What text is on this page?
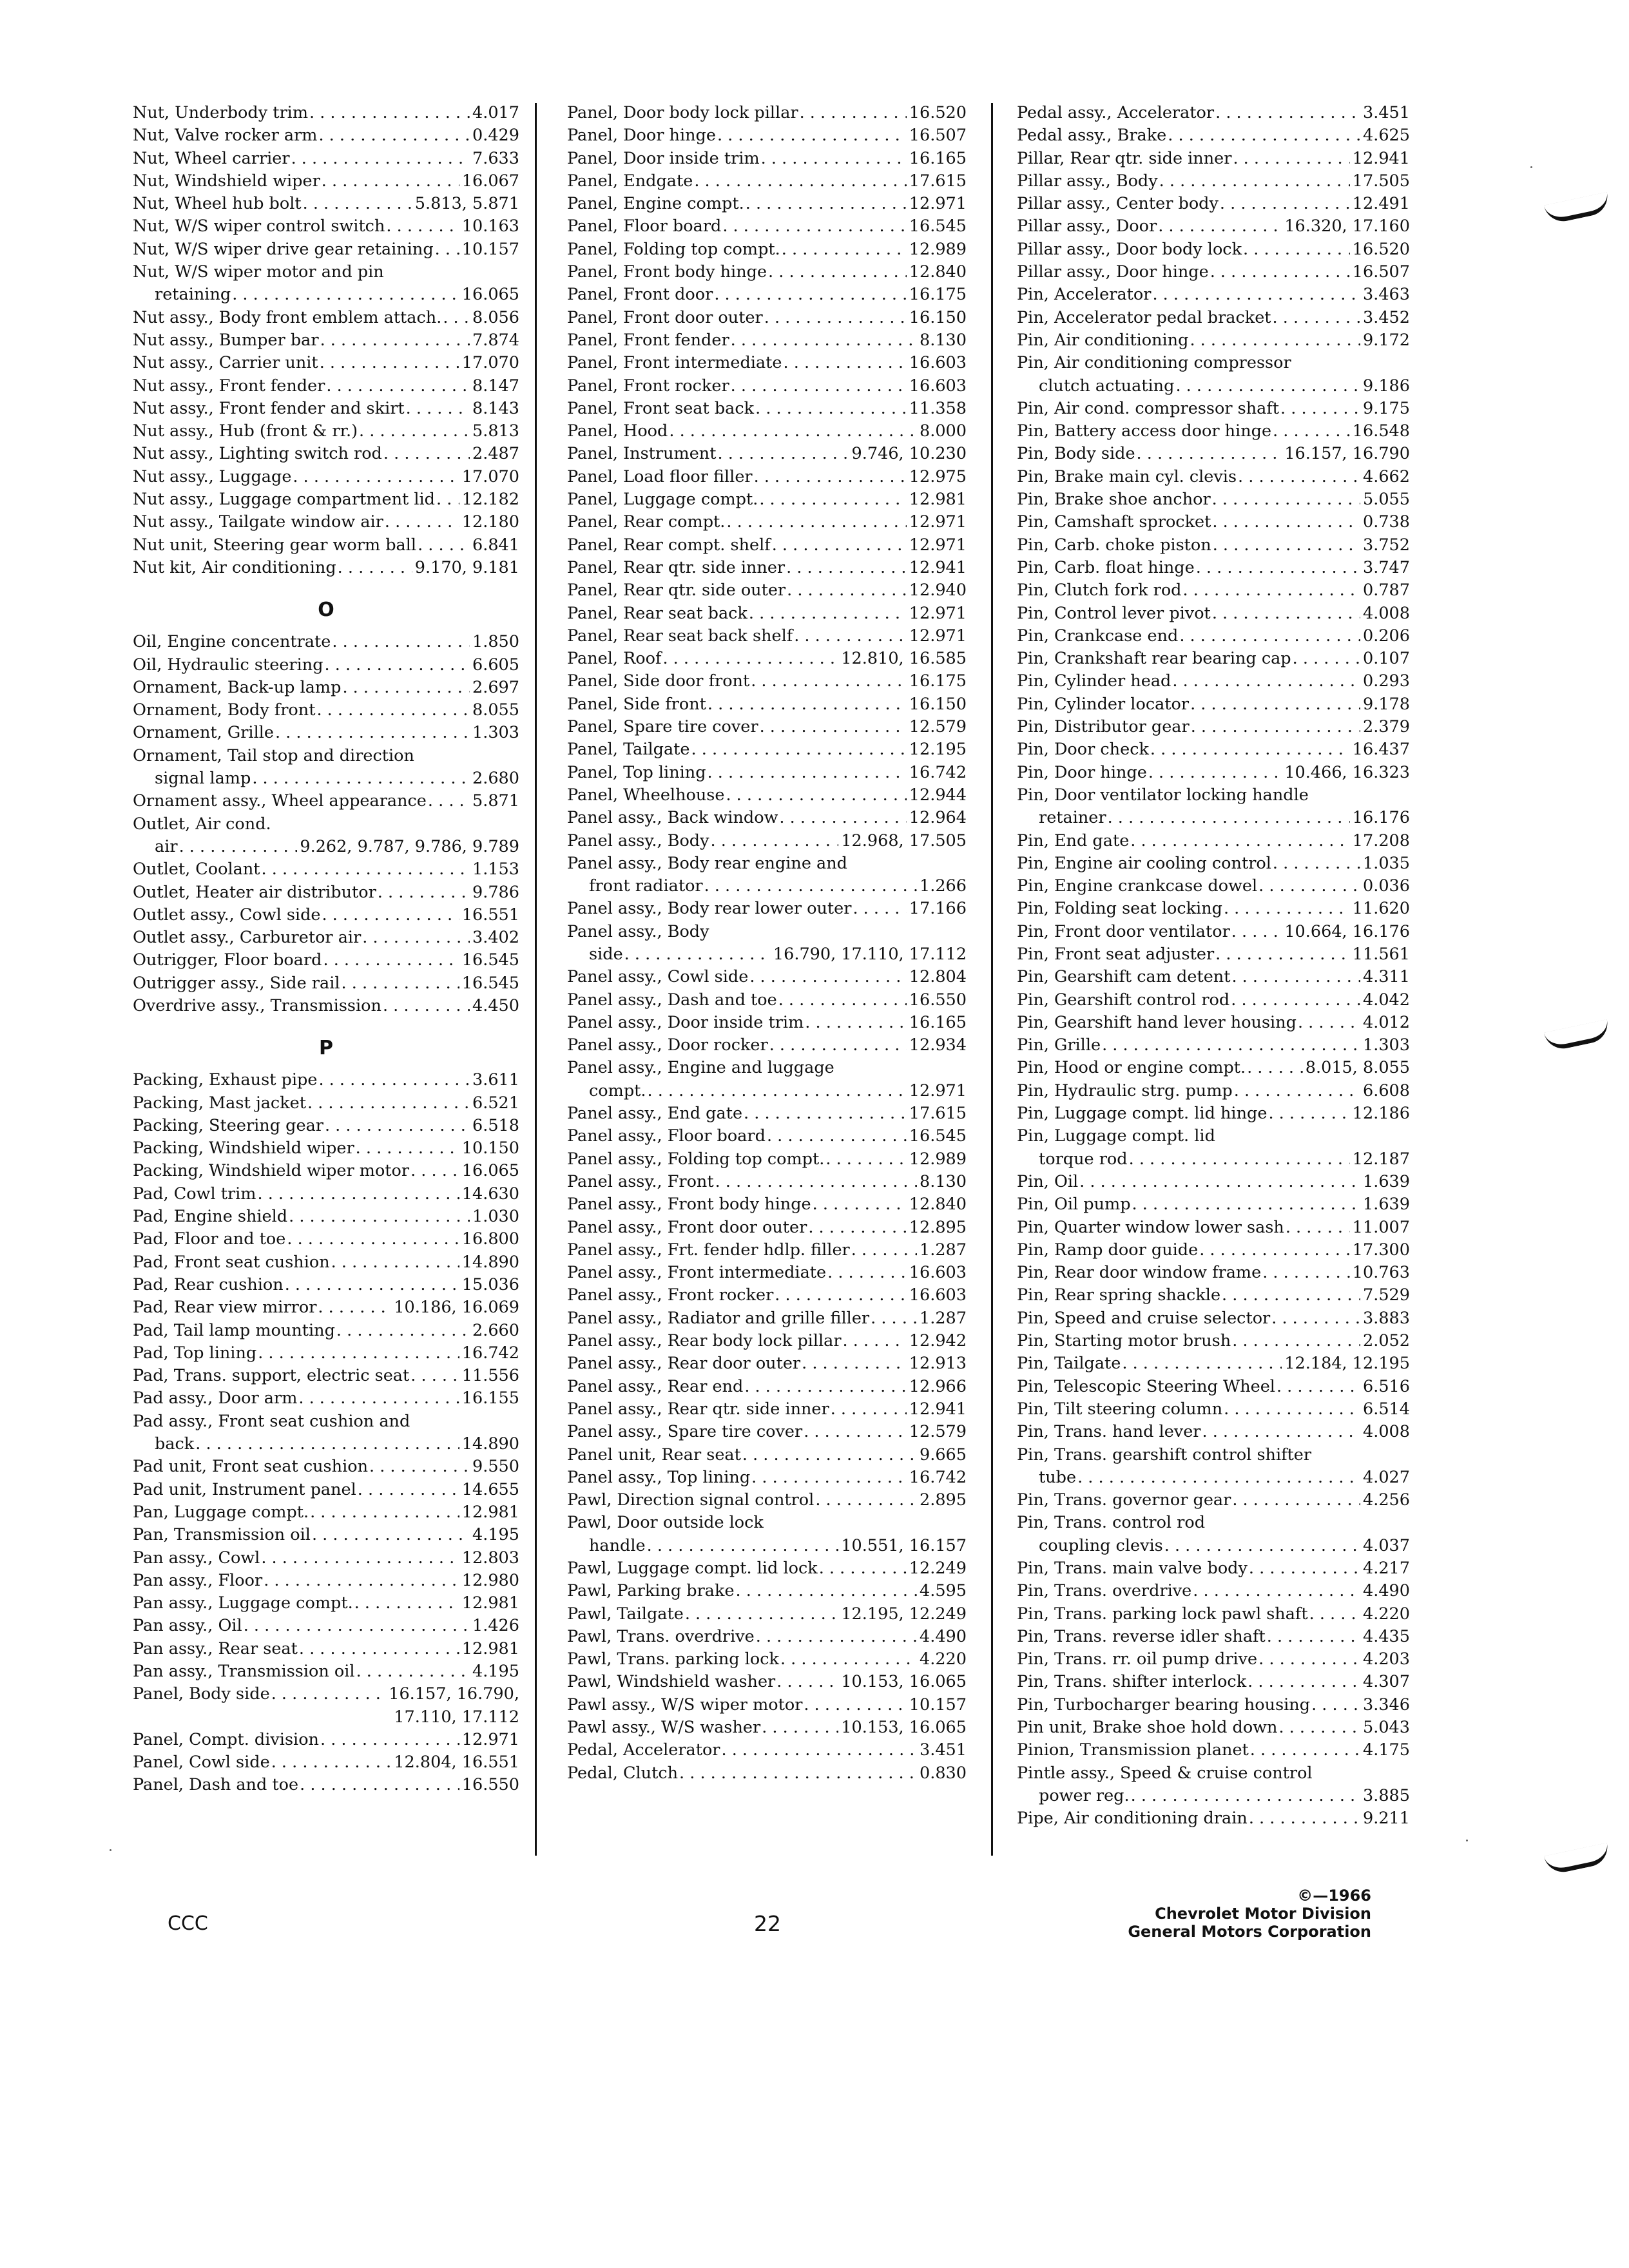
Nut, Underbody trim . . .	4.017
Nut, Valve rocker arm . . .	0.429
Nut, Wheel carrier . . .	7.633
Nut, Windshield wiper . . .	16.067
Nut, Wheel hub bolt . . .	5.813, 5.871
Nut, W/S wiper control switch . . .	10.163
Nut, W/S wiper drive gear retaining . . . 10.157
Nut, W/S wiper motor and pin
retaining . . .	16.065
Nut assy., Body front emblem attach. . . . 8.056
Nut assy., Bumper bar . . .	7.874
Nut assy., Carrier unit . . .	17.070
Nut assy., Front fender . . .	8.147
Nut assy., Front fender and skirt . . .	8.143
Nut assy., Hub (front & rr.) . . .	5.813
Nut assy., Lighting switch rod . . .	2.487
Nut assy., Luggage . . .	17.070
Nut assy., Luggage compartment lid . . . 12.182
Nut assy., Tailgate window air . . .	12.180
Nut unit, Steering gear worm ball . . .	6.841
Nut kit, Air conditioning . . .	9.170, 9.181
O
Oil, Engine concentrate . . .	1.850
Oil, Hydraulic steering . . .	6.605
Ornament, Back-up lamp . . .	2.697
Ornament, Body front . . .	8.055
Ornament, Grille . . .	1.303
Ornament, Tail stop and direction
signal lamp . . .	2.680
Ornament assy., Wheel appearance . . .	5.871
Outlet, Air cond.
air . . .	9.262, 9.787, 9.786, 9.789
Outlet, Coolant . . .	1.153
Outlet, Heater air distributor . . .	9.786
Outlet assy., Cowl side . . .	16.551
Outlet assy., Carburetor air . . .	3.402
Outrigger, Floor board . . .	16.545
Outrigger assy., Side rail . . .	16.545
Overdrive assy., Transmission . . .	4.450
P
Packing, Exhaust pipe . . .	3.611
Packing, Mast jacket . . .	6.521
Packing, Steering gear . . .	6.518
Packing, Windshield wiper . . .	10.150
Packing, Windshield wiper motor . . .	16.065
Pad, Cowl trim . . .	14.630
Pad, Engine shield . . .	1.030
Pad, Floor and toe . . .	16.800
Pad, Front seat cushion . . .	14.890
Pad, Rear cushion . . .	15.036
Pad, Rear view mirror . . .	10.186, 16.069
Pad, Tail lamp mounting . . .	2.660
Pad, Top lining . . .	16.742
Pad, Trans. support, electric seat . . .	11.556
Pad assy., Door arm . . .	16.155
Pad assy., Front seat cushion and
back . . .	14.890
Pad unit, Front seat cushion . . .	9.550
Pad unit, Instrument panel . . .	14.655
Pan, Luggage compt. . . .	12.981
Pan, Transmission oil . . .	4.195
Pan assy., Cowl . . .	12.803
Pan assy., Floor . . .	12.980
Pan assy., Luggage compt. . . .	12.981
Pan assy., Oil . . .	1.426
Pan assy., Rear seat . . .	12.981
Pan assy., Transmission oil . . .	4.195
Panel, Body side . . .	16.157, 16.790,
17.110, 17.112
Panel, Compt. division . . .	12.971
Panel, Cowl side . . .	12.804, 16.551
Panel, Dash and toe . . .	16.550
Panel, Door body lock pillar . . .	16.520
Panel, Door hinge . . .	16.507
Panel, Door inside trim . . .	16.165
Panel, Endgate . . .	17.615
Panel, Engine compt. . . .	12.971
Panel, Floor board . . .	16.545
Panel, Folding top compt. . . .	12.989
Panel, Front body hinge . . .	12.840
Panel, Front door . . .	16.175
Panel, Front door outer . . .	16.150
Panel, Front fender . . .	8.130
Panel, Front intermediate . . .	16.603
Panel, Front rocker . . .	16.603
Panel, Front seat back . . .	11.358
Panel, Hood . . .	8.000
Panel, Instrument . . .	9.746, 10.230
Panel, Load floor filler . . .	12.975
Panel, Luggage compt. . . .	12.981
Panel, Rear compt. . . .	12.971
Panel, Rear compt. shelf . . .	12.971
Panel, Rear qtr. side inner . . .	12.941
Panel, Rear qtr. side outer . . .	12.940
Panel, Rear seat back . . .	12.971
Panel, Rear seat back shelf . . .	12.971
Panel, Roof . . .	12.810, 16.585
Panel, Side door front . . .	16.175
Panel, Side front . . .	16.150
Panel, Spare tire cover . . .	12.579
Panel, Tailgate . . .	12.195
Panel, Top lining . . .	16.742
Panel, Wheelhouse . . .	12.944
Panel assy., Back window . . .	12.964
Panel assy., Body . . .	12.968, 17.505
Panel assy., Body rear engine and
front radiator . . .	1.266
Panel assy., Body rear lower outer . . .	17.166
Panel assy., Body
side . . .	16.790, 17.110, 17.112
Panel assy., Cowl side . . .	12.804
Panel assy., Dash and toe . . .	16.550
Panel assy., Door inside trim . . .	16.165
Panel assy., Door rocker . . .	12.934
Panel assy., Engine and luggage
compt. . . .	12.971
Panel assy., End gate . . .	17.615
Panel assy., Floor board . . .	16.545
Panel assy., Folding top compt. . . .	12.989
Panel assy., Front . . .	8.130
Panel assy., Front body hinge . . .	12.840
Panel assy., Front door outer . . .	12.895
Panel assy., Frt. fender hdlp. filler . . .	1.287
Panel assy., Front intermediate . . .	16.603
Panel assy., Front rocker . . .	16.603
Panel assy., Radiator and grille filler . . .	1.287
Panel assy., Rear body lock pillar . . .	12.942
Panel assy., Rear door outer . . .	12.913
Panel assy., Rear end . . .	12.966
Panel assy., Rear qtr. side inner . . .	12.941
Panel assy., Spare tire cover . . .	12.579
Panel unit, Rear seat . . .	9.665
Panel assy., Top lining . . .	16.742
Pawl, Direction signal control . . .	2.895
Pawl, Door outside lock
handle . . .	10.551, 16.157
Pawl, Luggage compt. lid lock . . .	12.249
Pawl, Parking brake . . .	4.595
Pawl, Tailgate . . .	12.195, 12.249
Pawl, Trans. overdrive . . .	4.490
Pawl, Trans. parking lock . . .	4.220
Pawl, Windshield washer . . .	10.153, 16.065
Pawl assy., W/S wiper motor . . .	10.157
Pawl assy., W/S washer . . .	10.153, 16.065
Pedal, Accelerator . . .	3.451
Pedal, Clutch . . .	0.830
Pedal assy., Accelerator . . .	3.451
Pedal assy., Brake . . .	4.625
Pillar, Rear qtr. side inner . . .	12.941
Pillar assy., Body . . .	17.505
Pillar assy., Center body . . .	12.491
Pillar assy., Door . . .	16.320, 17.160
Pillar assy., Door body lock . . .	16.520
Pillar assy., Door hinge . . .	16.507
Pin, Accelerator . . .	3.463
Pin, Accelerator pedal bracket . . .	3.452
Pin, Air conditioning . . .	9.172
Pin, Air conditioning compressor
clutch actuating . . .	9.186
Pin, Air cond. compressor shaft . . .	9.175
Pin, Battery access door hinge . . .	16.548
Pin, Body side . . .	16.157, 16.790
Pin, Brake main cyl. clevis . . .	4.662
Pin, Brake shoe anchor . . .	5.055
Pin, Camshaft sprocket . . .	0.738
Pin, Carb. choke piston . . .	3.752
Pin, Carb. float hinge . . .	3.747
Pin, Clutch fork rod . . .	0.787
Pin, Control lever pivot . . .	4.008
Pin, Crankcase end . . .	0.206
Pin, Crankshaft rear bearing cap . . .	0.107
Pin, Cylinder head . . .	0.293
Pin, Cylinder locator . . .	9.178
Pin, Distributor gear . . .	2.379
Pin, Door check . . .	16.437
Pin, Door hinge . . .	10.466, 16.323
Pin, Door ventilator locking handle
retainer . . .	16.176
Pin, End gate . . .	17.208
Pin, Engine air cooling control . . .	1.035
Pin, Engine crankcase dowel . . .	0.036
Pin, Folding seat locking . . .	11.620
Pin, Front door ventilator . . .	10.664, 16.176
Pin, Front seat adjuster . . .	11.561
Pin, Gearshift cam detent . . .	4.311
Pin, Gearshift control rod . . .	4.042
Pin, Gearshift hand lever housing . . .	4.012
Pin, Grille . . .	1.303
Pin, Hood or engine compt. . . .	8.015, 8.055
Pin, Hydraulic strg. pump . . .	6.608
Pin, Luggage compt. lid hinge . . .	12.186
Pin, Luggage compt. lid
torque rod . . .	12.187
Pin, Oil . . .	1.639
Pin, Oil pump . . .	1.639
Pin, Quarter window lower sash . . .	11.007
Pin, Ramp door guide . . .	17.300
Pin, Rear door window frame . . .	10.763
Pin, Rear spring shackle . . .	7.529
Pin, Speed and cruise selector . . .	3.883
Pin, Starting motor brush . . .	2.052
Pin, Tailgate . . .	12.184, 12.195
Pin, Telescopic Steering Wheel . . .	6.516
Pin, Tilt steering column . . .	6.514
Pin, Trans. hand lever . . .	4.008
Pin, Trans. gearshift control shifter
tube . . .	4.027
Pin, Trans. governor gear . . .	4.256
Pin, Trans. control rod
coupling clevis . . .	4.037
Pin, Trans. main valve body . . .	4.217
Pin, Trans. overdrive . . .	4.490
Pin, Trans. parking lock pawl shaft . . .	4.220
Pin, Trans. reverse idler shaft . . .	4.435
Pin, Trans. rr. oil pump drive . . .	4.203
Pin, Trans. shifter interlock . . .	4.307
Pin, Turbocharger bearing housing . . .	3.346
Pin unit, Brake shoe hold down . . .	5.043
Pinion, Transmission planet . . .	4.175
Pintle assy., Speed & cruise control
power reg. . . .	3.885
Pipe, Air conditioning drain . . .	9.211
CCC	22
©—1966
Chevrolet Motor Division
General Motors Corporation
